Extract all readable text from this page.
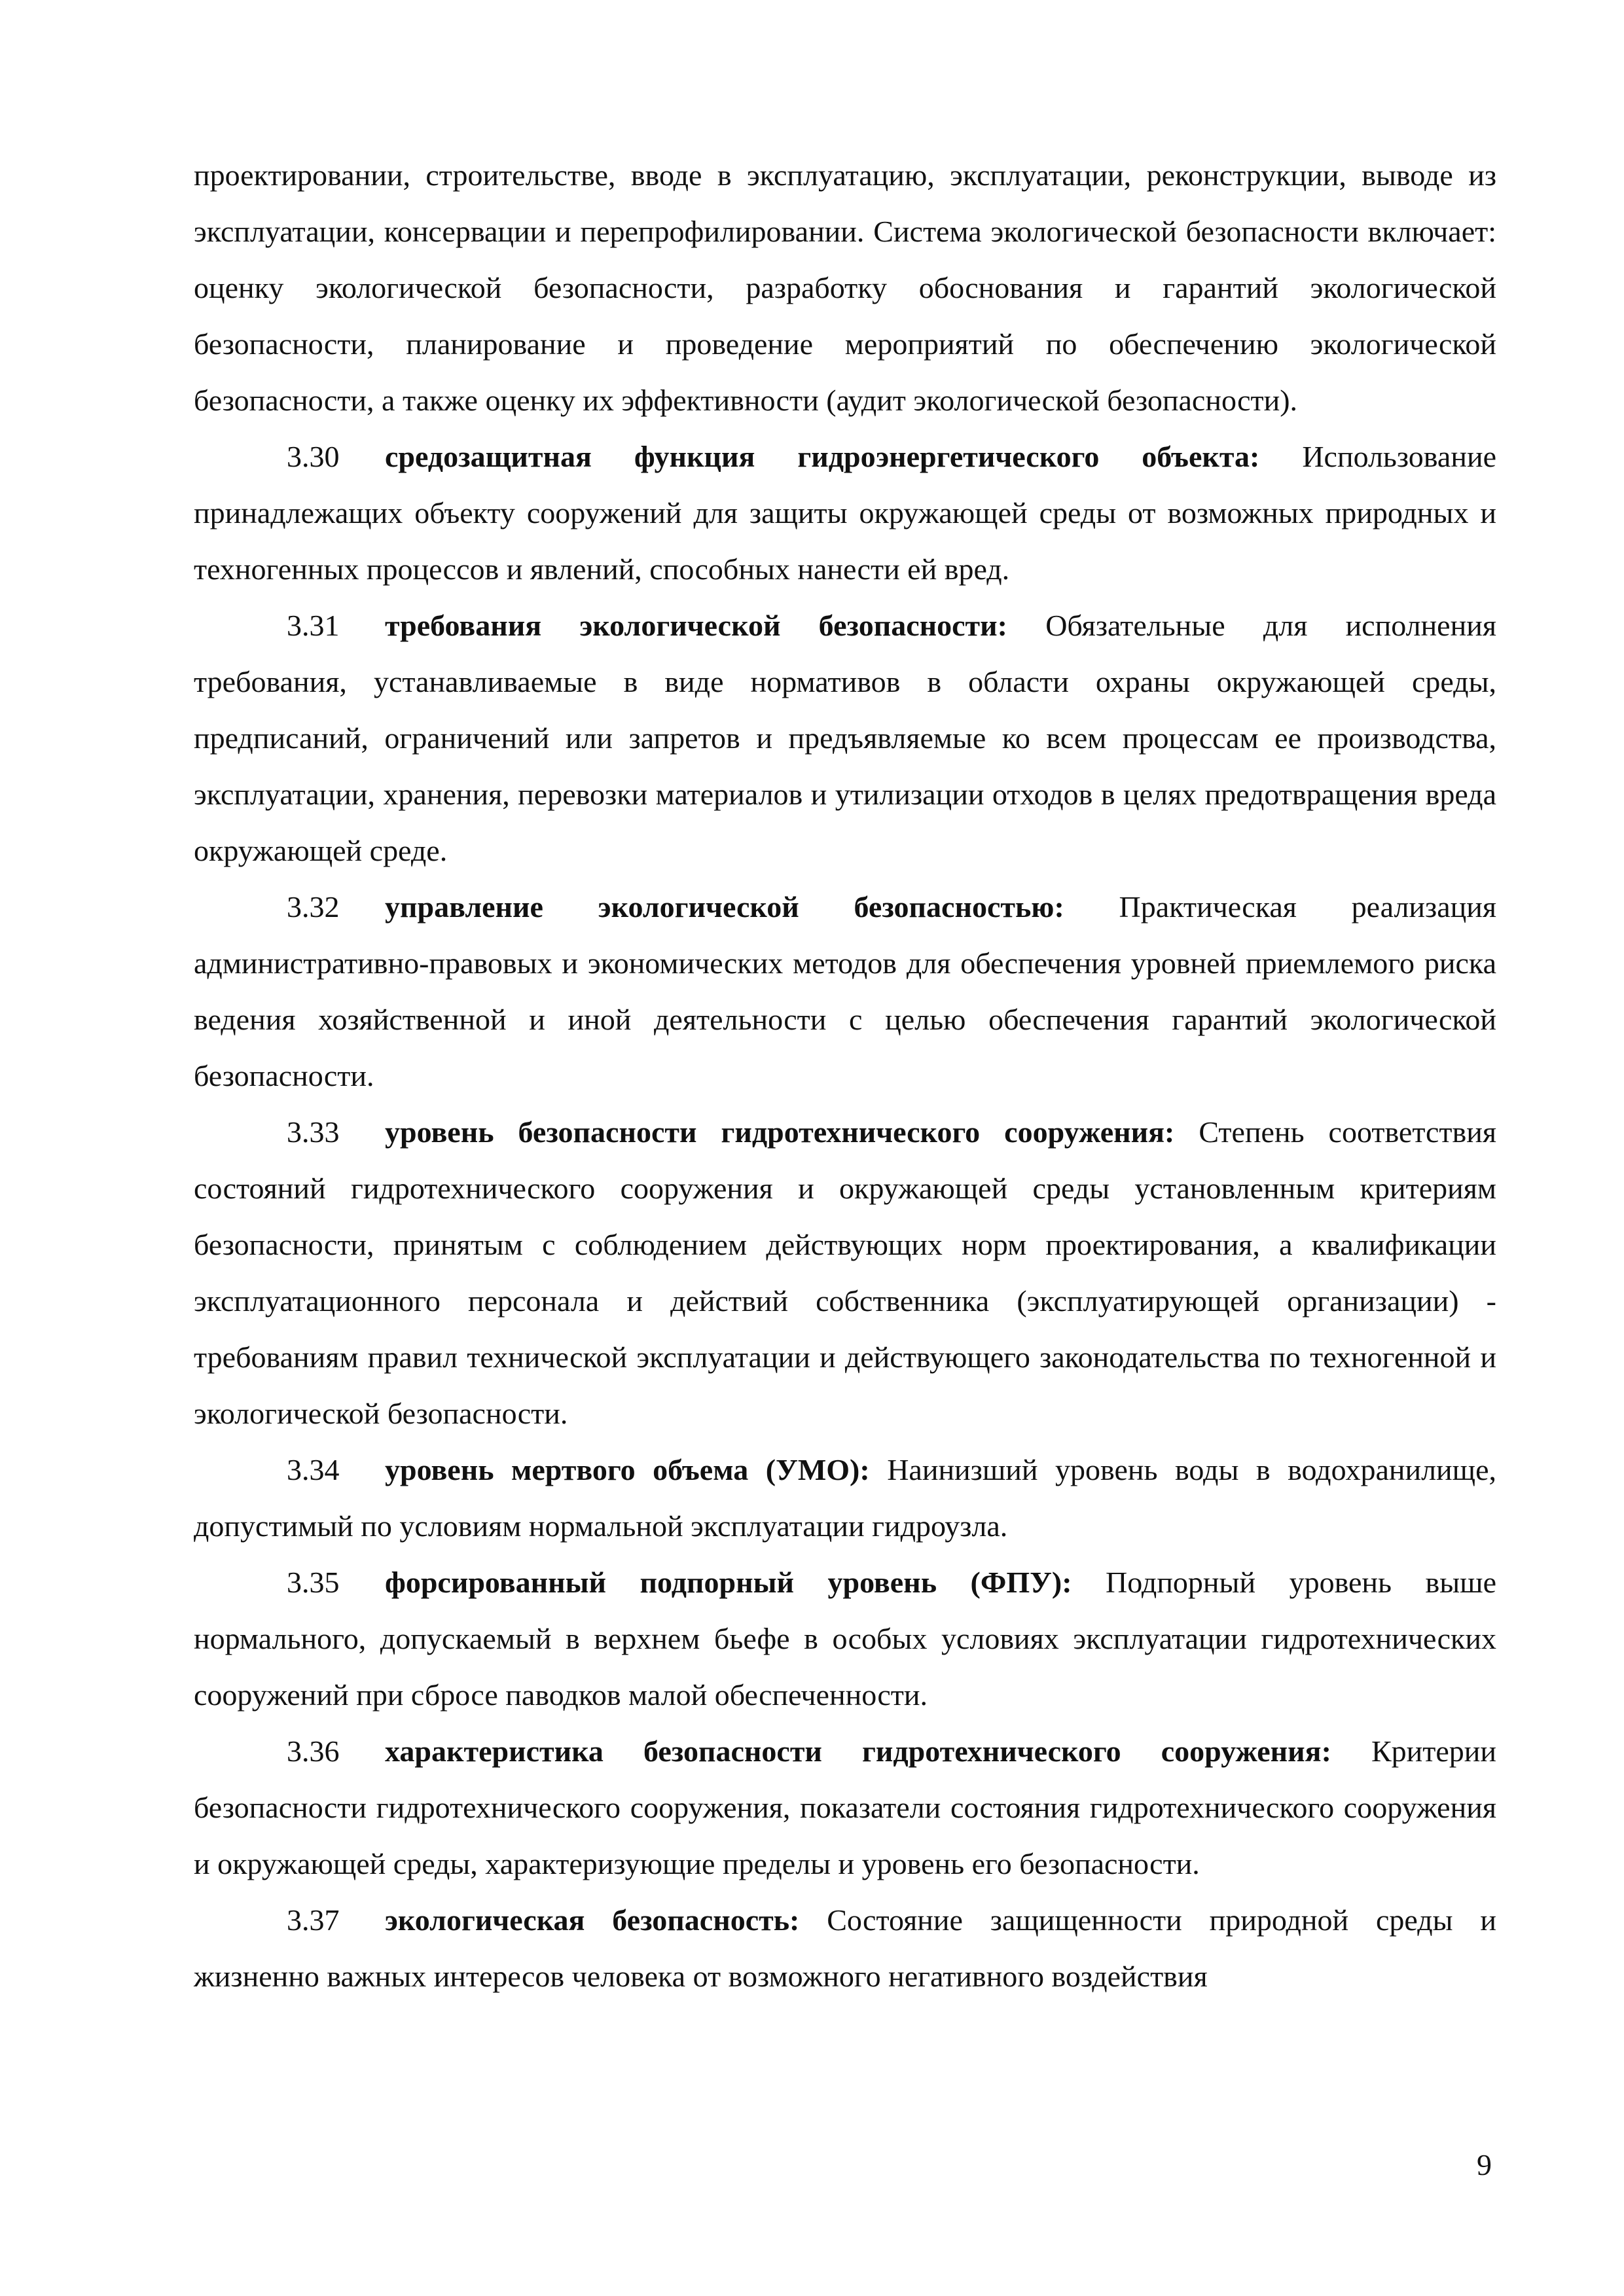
проектировании, строительстве, вводе в эксплуатацию, эксплуатации, реконструкции, выводе из эксплуатации, консервации и перепрофилировании. Система экологической безопасности включает: оценку экологической безопасности, разработку обоснования и гарантий экологической безопасности, планирование и проведение мероприятий по обеспечению экологической безопасности, а также оценку их эффективности (аудит экологической безопасности).

3.30 средозащитная функция гидроэнергетического объекта: Использование принадлежащих объекту сооружений для защиты окружающей среды от возможных природных и техногенных процессов и явлений, способных нанести ей вред.

3.31 требования экологической безопасности: Обязательные для исполнения требования, устанавливаемые в виде нормативов в области охраны окружающей среды, предписаний, ограничений или запретов и предъявляемые ко всем процессам ее производства, эксплуатации, хранения, перевозки материалов и утилизации отходов в целях предотвращения вреда окружающей среде.

3.32 управление экологической безопасностью: Практическая реализация административно-правовых и экономических методов для обеспечения уровней приемлемого риска ведения хозяйственной и иной деятельности с целью обеспечения гарантий экологической безопасности.

3.33 уровень безопасности гидротехнического сооружения: Степень соответствия состояний гидротехнического сооружения и окружающей среды установленным критериям безопасности, принятым с соблюдением действующих норм проектирования, а квалификации эксплуатационного персонала и действий собственника (эксплуатирующей организации) - требованиям правил технической эксплуатации и действующего законодательства по техногенной и экологической безопасности.

3.34 уровень мертвого объема (УМО): Наинизший уровень воды в водохранилище, допустимый по условиям нормальной эксплуатации гидроузла.

3.35 форсированный подпорный уровень (ФПУ): Подпорный уровень выше нормального, допускаемый в верхнем бьефе в особых условиях эксплуатации гидротехнических сооружений при сбросе паводков малой обеспеченности.

3.36 характеристика безопасности гидротехнического сооружения: Критерии безопасности гидротехнического сооружения, показатели состояния гидротехнического сооружения и окружающей среды, характеризующие пределы и уровень его безопасности.

3.37 экологическая безопасность: Состояние защищенности природной среды и жизненно важных интересов человека от возможного негативного воздействия

9
